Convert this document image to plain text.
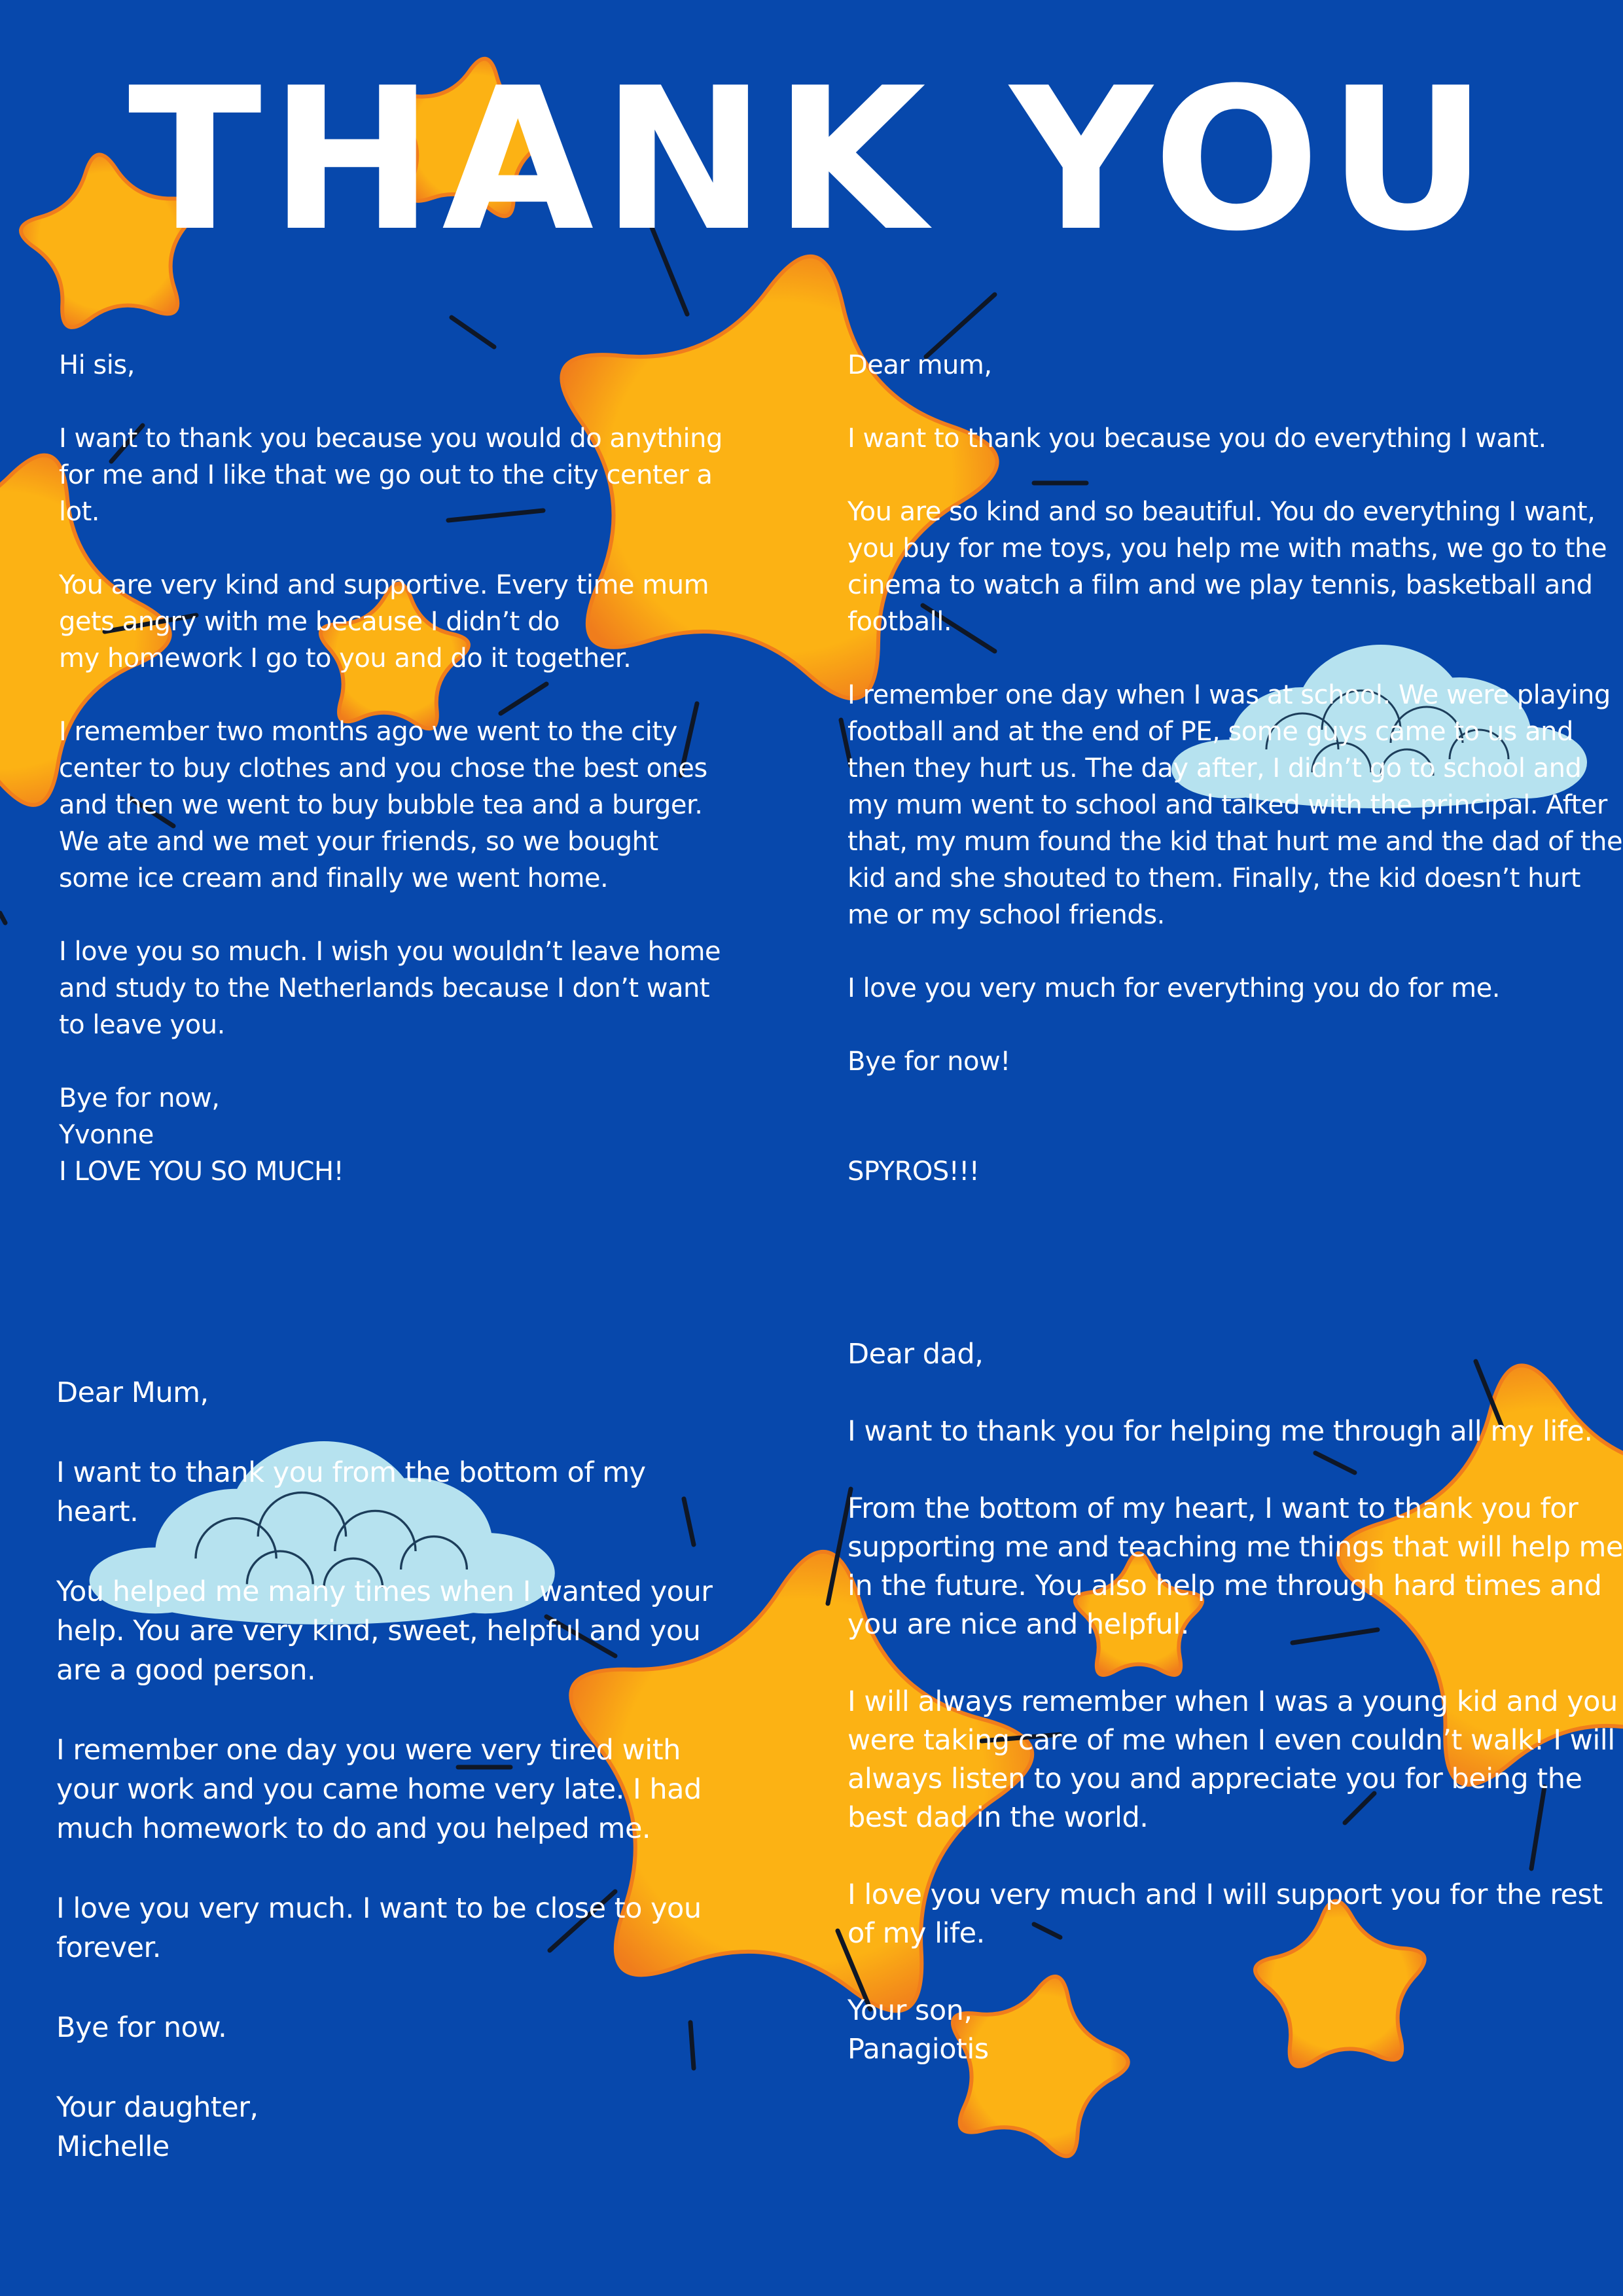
THANK YOU
Hi sis,
I want to thank you because you would do anything
for me and I like that we go out to the city center a
lot.
You are very kind and supportive. Every time mum
gets angry with me because I didn’t do
my homework I go to you and do it together.
I remember two months ago we went to the city
center to buy clothes and you chose the best ones
and then we went to buy bubble tea and a burger.
We ate and we met your friends, so we bought
some ice cream and finally we went home.
I love you so much. I wish you wouldn’t leave home
and study to the Netherlands because I don’t want
to leave you.
Bye for now,
Yvonne
I LOVE YOU SO MUCH!
Dear mum,
I want to thank you because you do everything I want.
You are so kind and so beautiful. You do everything I want,
you buy for me toys, you help me with maths, we go to the
cinema to watch a film and we play tennis, basketball and
football.
I remember one day when I was at school. We were playing
football and at the end of PE, some guys came to us and
then they hurt us. The day after, I didn’t go to school and
my mum went to school and talked with the principal. After
that, my mum found the kid that hurt me and the dad of the
kid and she shouted to them. Finally, the kid doesn’t hurt
me or my school friends.
I love you very much for everything you do for me.
Bye for now!
SPYROS!!!
Dear Mum,
I want to thank you from the bottom of my
heart.
You helped me many times when I wanted your
help. You are very kind, sweet, helpful and you
are a good person.
I remember one day you were very tired with
your work and you came home very late. I had
much homework to do and you helped me.
I love you very much. I want to be close to you
forever.
Bye for now.
Your daughter,
Michelle
Dear dad,
I want to thank you for helping me through all my life.
From the bottom of my heart, I want to thank you for
supporting me and teaching me things that will help me
in the future. You also help me through hard times and
you are nice and helpful.
I will always remember when I was a young kid and you
were taking care of me when I even couldn’t walk! I will
always listen to you and appreciate you for being the
best dad in the world.
I love you very much and I will support you for the rest
of my life.
Your son,
Panagiotis
